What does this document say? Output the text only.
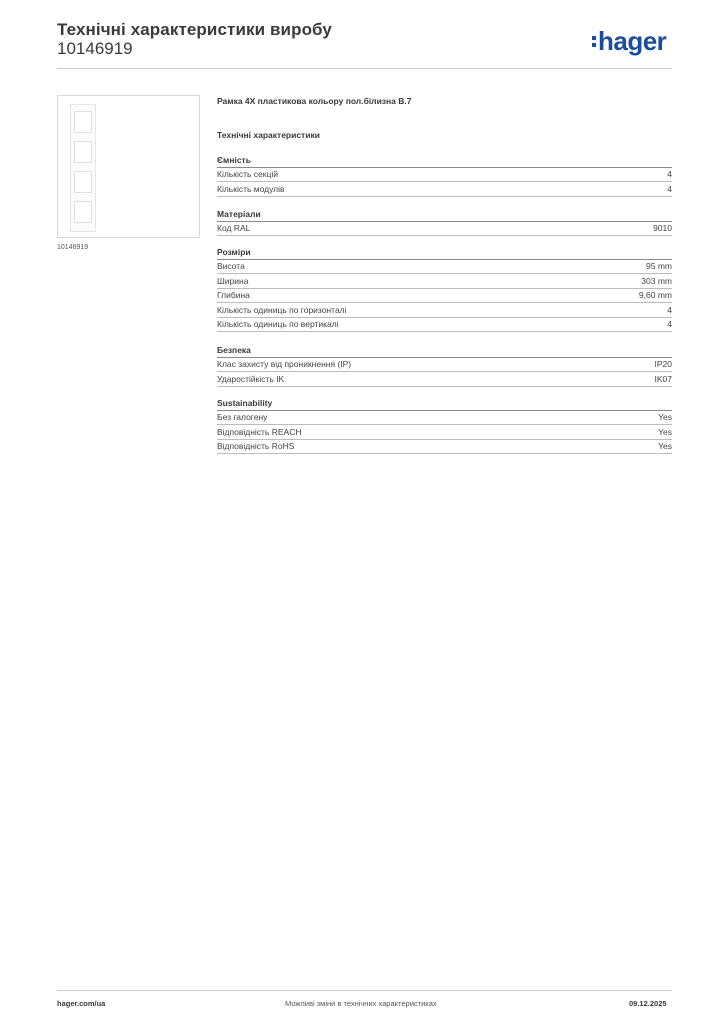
Технічні характеристики виробу
10146919	hager
10146919
Рамка 4X пластикова кольору пол.білизна B.7
Технічні характеристики
Ємність
Кількість секцій	4
Кількість модулів	4
Матеріали
Код RAL	9010
Розміри
Висота	95 mm
Ширина	303 mm
Глибина	9,60 mm
Кількість одиниць по горизонталі	4
Кількість одиниць по вертикалі	4
Безпека
Клас захисту від проникнення (IP)	IP20
Ударостійкість IK	IK07
Sustainability
Без галогену	Yes
Відповідність REACH	Yes
Відповідність RoHS	Yes
hager.com/ua	Можливі зміни в технічних характеристиках	09.12.2025
